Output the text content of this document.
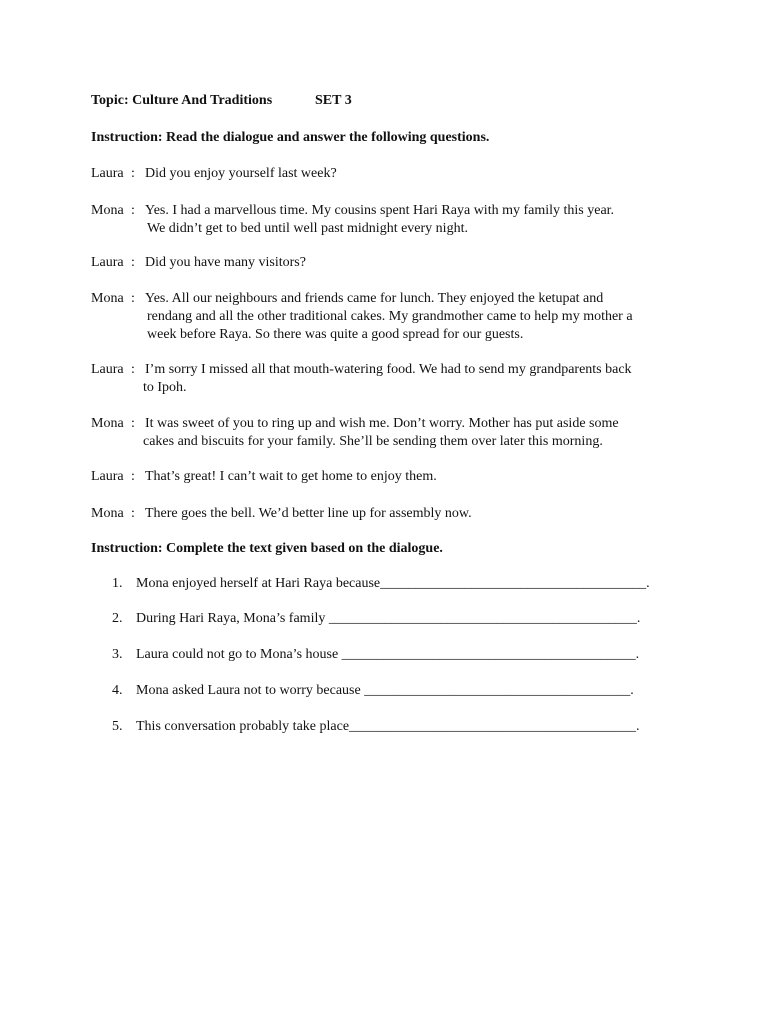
Topic: Culture And Traditions	SET 3
Instruction: Read the dialogue and answer the following questions.
Laura : Did you enjoy yourself last week?
Mona : Yes. I had a marvellous time. My cousins spent Hari Raya with my family this year.
We didn’t get to bed until well past midnight every night.
Laura : Did you have many visitors?
Mona : Yes. All our neighbours and friends came for lunch. They enjoyed the ketupat and
rendang and all the other traditional cakes. My grandmother came to help my mother a
week before Raya. So there was quite a good spread for our guests.
Laura : I’m sorry I missed all that mouth-watering food. We had to send my grandparents back
to Ipoh.
Mona : It was sweet of you to ring up and wish me. Don’t worry. Mother has put aside some
cakes and biscuits for your family. She’ll be sending them over later this morning.
Laura : That’s great! I can’t wait to get home to enjoy them.
Mona : There goes the bell. We’d better line up for assembly now.
Instruction: Complete the text given based on the dialogue.
1. Mona enjoyed herself at Hari Raya because______________________________________.
2. During Hari Raya, Mona’s family ____________________________________________.
3. Laura could not go to Mona’s house __________________________________________.
4. Mona asked Laura not to worry because ______________________________________.
5. This conversation probably take place_________________________________________.
